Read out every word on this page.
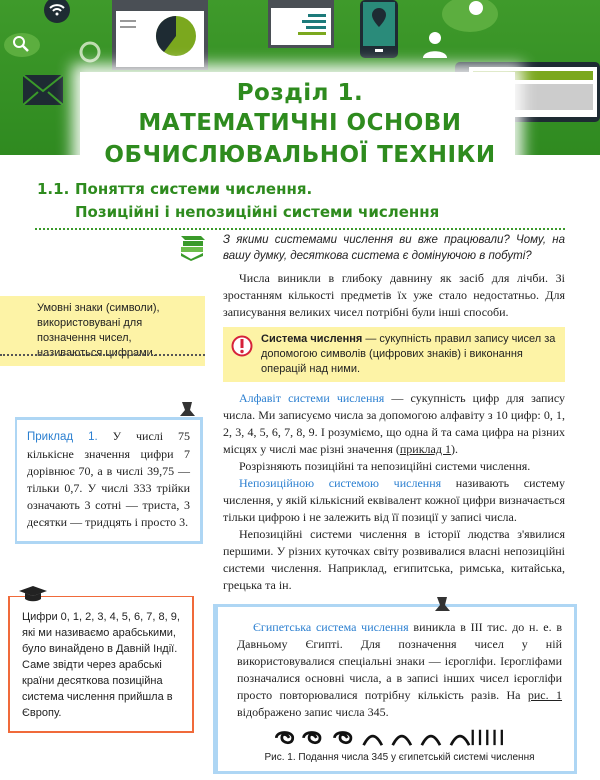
Розділ 1.
МАТЕМАТИЧНІ ОСНОВИ
ОБЧИСЛЮВАЛЬНОЇ ТЕХНІКИ
1.1. Поняття системи числення.
Позиційні і непозиційні системи числення
Умовні знаки (символи), використовувані для позначення чисел, називаються цифрами.
Приклад 1. У числі 75 кількісне значення цифри 7 дорівнює 70, а в числі 39,75 — тільки 0,7. У числі 333 трійки означають 3 сотні — триста, 3 десятки — тридцять і просто 3.
Цифри 0, 1, 2, 3, 4, 5, 6, 7, 8, 9, які ми називаємо арабськими, було винайдено в Давній Індії. Саме звідти через арабські країни десяткова позиційна система числення прийшла в Європу.
З якими системами числення ви вже працювали? Чому, на вашу думку, десяткова система є домінуючою в побуті?
Числа виникли в глибоку давнину як засіб для лічби. Зі зростанням кількості предметів їх уже стало недостатньо. Для записування великих чисел потрібні були інші способи.
Система числення — сукупність правил запису чисел за допомогою символів (цифрових знаків) і виконання операцій над ними.
Алфавіт системи числення — сукупність цифр для запису числа. Ми записуємо числа за допомогою алфавіту з 10 цифр: 0, 1, 2, 3, 4, 5, 6, 7, 8, 9. І розуміємо, що одна й та сама цифра на різних місцях у числі має різні значення (приклад 1).
Розрізняють позиційні та непозиційні системи числення.
Непозиційною системою числення називають систему числення, у якій кількісний еквівалент кожної цифри визначається тільки цифрою і не залежить від її позиції у записі числа.
Непозиційні системи числення в історії людства з'явилися першими. У різних куточках світу розвивалися власні непозиційні системи числення. Наприклад, египитська, римська, китайська, грецька та ін.
Єгипетська система числення виникла в III тис. до н. е. в Давньому Єгипті. Для позначення чисел у ній використовувалися спеціальні знаки — ієрогліфи. Ієрогліфами позначалися основні числа, а в записі інших чисел ієрогліфи просто повторювалися потрібну кількість разів. На рис. 1 відображено запис числа 345.
Рис. 1. Подання числа 345 у єгипетській системі числення
